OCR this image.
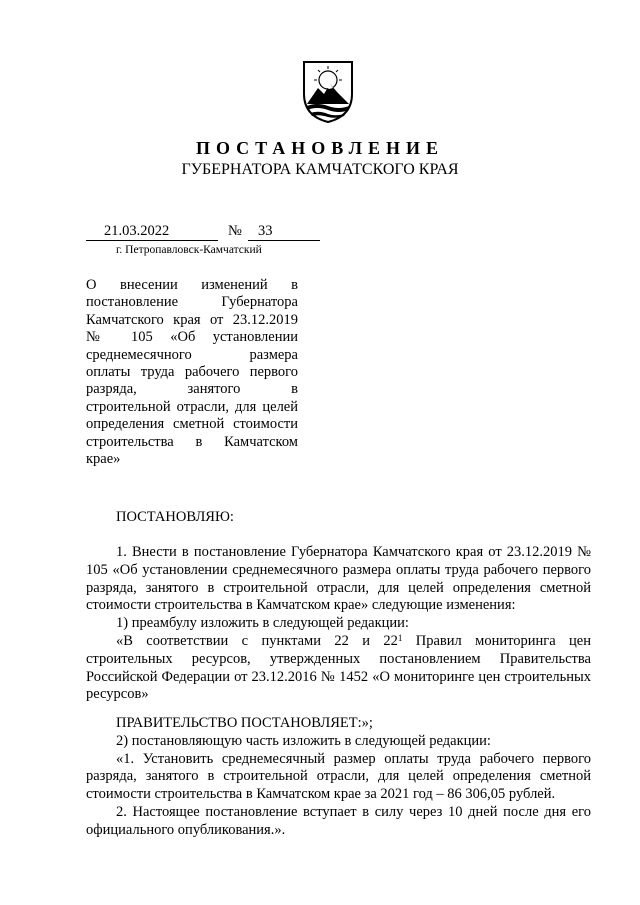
ПОСТАНОВЛЕНИЕ
ГУБЕРНАТОРА КАМЧАТСКОГО КРАЯ
21.03.2022	№ 33
г. Петропавловск-Камчатский
О внесении изменений в
постановление Губернатора
Камчатского края от 23.12.2019
№ 105 «Об установлении
среднемесячного размера
оплаты труда рабочего первого
разряда, занятого в
строительной отрасли, для целей
определения сметной стоимости
строительства в Камчатском
крае»

ПОСТАНОВЛЯЮ:

1. Внести в постановление Губернатора Камчатского края от 23.12.2019 № 105 «Об установлении среднемесячного размера оплаты труда рабочего первого разряда, занятого в строительной отрасли, для целей определения сметной стоимости строительства в Камчатском крае» следующие изменения:

1) преамбулу изложить в следующей редакции:

«В соответствии с пунктами 22 и $22^1$ Правил мониторинга цен строительных ресурсов, утвержденных постановлением Правительства Российской Федерации от 23.12.2016 № 1452 «О мониторинге цен строительных ресурсов»

ПРАВИТЕЛЬСТВО ПОСТАНОВЛЯЕТ:»;

2) постановляющую часть изложить в следующей редакции:

«1. Установить среднемесячный размер оплаты труда рабочего первого разряда, занятого в строительной отрасли, для целей определения сметной стоимости строительства в Камчатском крае за 2021 год – 86 306,05 рублей.

2. Настоящее постановление вступает в силу через 10 дней после дня его официального опубликования.».
